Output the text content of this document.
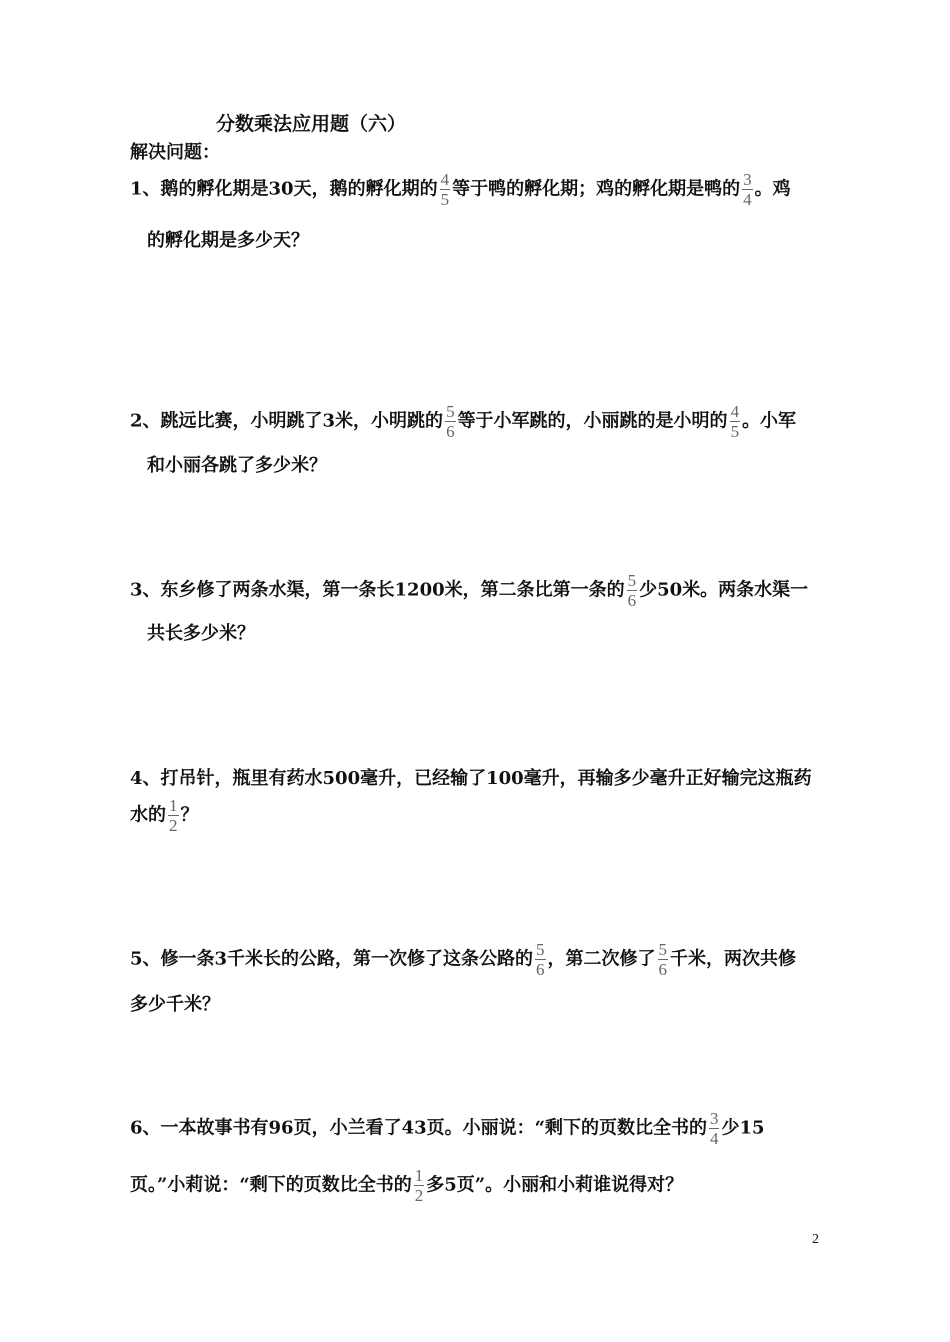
分数乘法应用题（六）
解决问题：
1、鹅的孵化期是30天，鹅的孵化期的 $\frac{4}{5}$ 等于鸭的孵化期；鸡的孵化期是鸭的 $\frac{3}{4}$ 。鸡
的孵化期是多少天？
2、跳远比赛，小明跳了3米，小明跳的 $\frac{5}{6}$ 等于小军跳的，小丽跳的是小明的 $\frac{4}{5}$ 。小军
和小丽各跳了多少米？
3、东乡修了两条水渠，第一条长1200米，第二条比第一条的 $\frac{5}{6}$ 少50米。两条水渠一
共长多少米？
4、打吊针，瓶里有药水500毫升，已经输了100毫升，再输多少毫升正好输完这瓶药
水的 $\frac{1}{2}$ ？
5、修一条3千米长的公路，第一次修了这条公路的 $\frac{5}{6}$ ，第二次修了 $\frac{5}{6}$ 千米，两次共修
多少千米？
6、一本故事书有96页，小兰看了43页。小丽说：“剩下的页数比全书的 $\frac{3}{4}$ 少15
页。”小莉说：“剩下的页数比全书的 $\frac{1}{2}$ 多5页”。小丽和小莉谁说得对？
2
